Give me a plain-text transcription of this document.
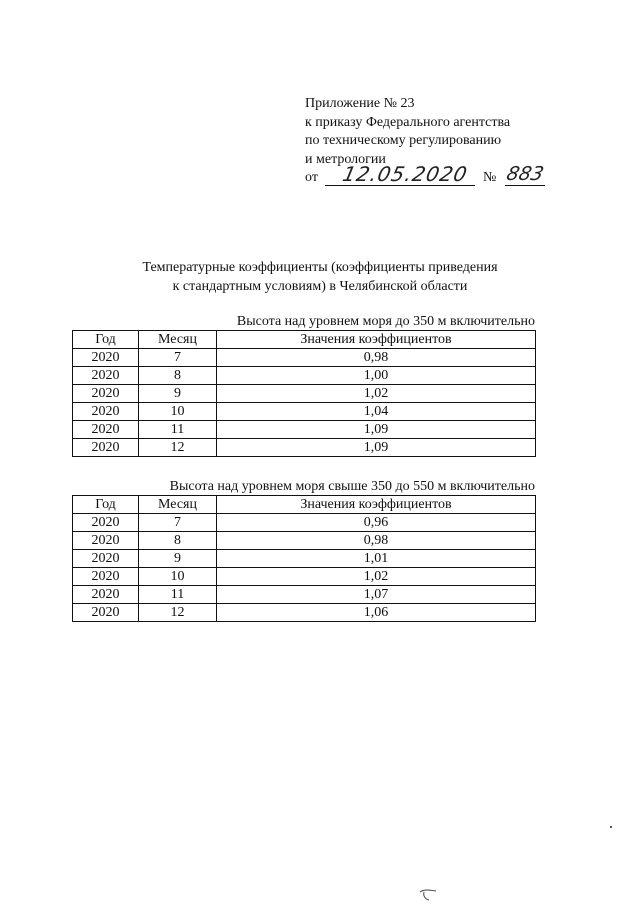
Приложение № 23
к приказу Федерального агентства
по техническому регулированию
и метрологии
от 12.05.2020 № 883
Температурные коэффициенты (коэффициенты приведения
к стандартным условиям) в Челябинской области
Высота над уровнем моря до 350 м включительно
Год	Месяц	Значения коэффициентов
2020	7	0,98
2020	8	1,00
2020	9	1,02
2020	10	1,04
2020	11	1,09
2020	12	1,09
Высота над уровнем моря свыше 350 до 550 м включительно
Год	Месяц	Значения коэффициентов
2020	7	0,96
2020	8	0,98
2020	9	1,01
2020	10	1,02
2020	11	1,07
2020	12	1,06
